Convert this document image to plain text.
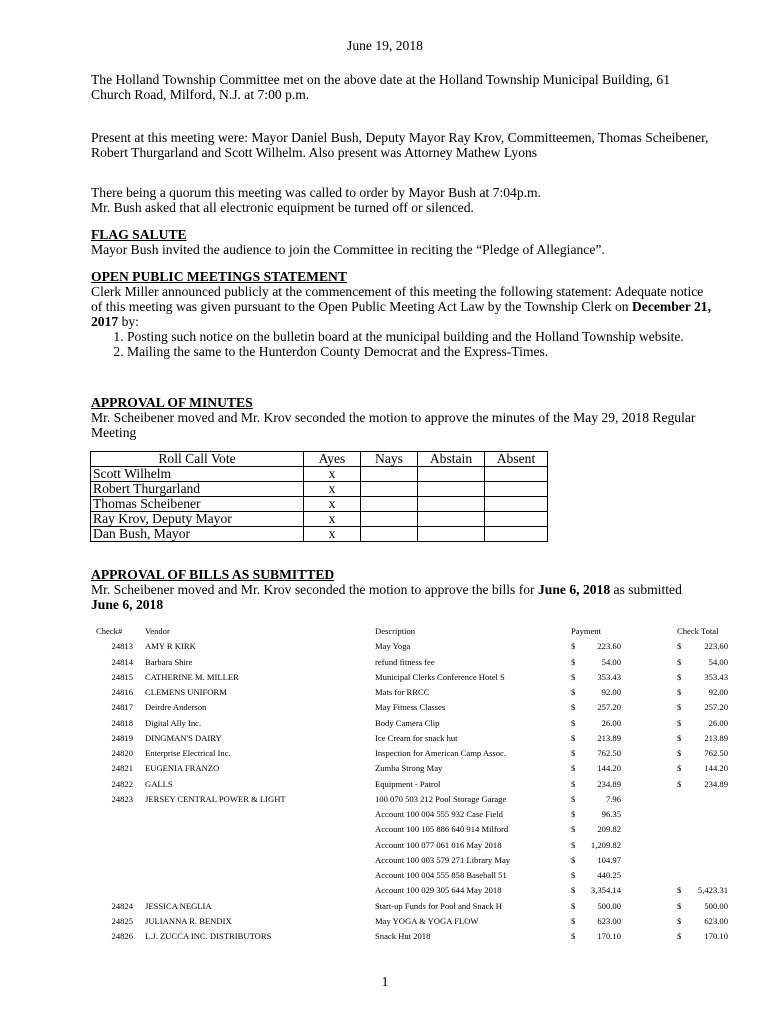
June 19, 2018
The Holland Township Committee met on the above date at the Holland Township Municipal Building, 61 Church Road, Milford, N.J. at 7:00 p.m.
Present at this meeting were: Mayor Daniel Bush, Deputy Mayor Ray Krov, Committeemen, Thomas Scheibener, Robert Thurgarland and Scott Wilhelm. Also present was Attorney Mathew Lyons
There being a quorum this meeting was called to order by Mayor Bush at 7:04p.m.
Mr. Bush asked that all electronic equipment be turned off or silenced.
FLAG SALUTE
Mayor Bush invited the audience to join the Committee in reciting the “Pledge of Allegiance”.
OPEN PUBLIC MEETINGS STATEMENT
Clerk Miller announced publicly at the commencement of this meeting the following statement: Adequate notice of this meeting was given pursuant to the Open Public Meeting Act Law by the Township Clerk on December 21, 2017 by:
1. Posting such notice on the bulletin board at the municipal building and the Holland Township website.
2. Mailing the same to the Hunterdon County Democrat and the Express-Times.
APPROVAL OF MINUTES
Mr. Scheibener moved and Mr. Krov seconded the motion to approve the minutes of the May 29, 2018 Regular Meeting
Roll Call Vote	Ayes	Nays	Abstain	Absent
Scott Wilhelm	x			
Robert Thurgarland	x			
Thomas Scheibener	x			
Ray Krov, Deputy Mayor	x			
Dan Bush, Mayor	x			
APPROVAL OF BILLS AS SUBMITTED
Mr. Scheibener moved and Mr. Krov seconded the motion to approve the bills for June 6, 2018 as submitted
June 6, 2018
Check#	Vendor	Description	Payment	Check Total
24813 AMY R KIRK	May Yoga	$	223.60	$	223.60
24814 Barbara Shire	refund fitness fee	$	54.00	$	54.00
24815 CATHERINE M. MILLER	Municipal Clerks Conference Hotel S	$	353.43	$	353.43
24816 CLEMENS UNIFORM	Mats for RRCC	$	92.00	$	92.00
24817 Deirdre Anderson	May Fitness Classes	$	257.20	$	257.20
24818 Digital Ally Inc.	Body Camera Clip	$	26.00	$	26.00
24819 DINGMAN'S DAIRY	Ice Cream for snack hut	$	213.89	$	213.89
24820 Enterprise Electrical Inc.	Inspection for American Camp Assoc.	$	762.50	$	762.50
24821 EUGENIA FRANZO	Zumba Strong May	$	144.20	$	144.20
24822 GALLS	Equipment - Patrol	$	234.89	$	234.89
24823 JERSEY CENTRAL POWER & LIGHT	100 070 503 212 Pool Storage Garage	$	7.96
Account 100 004 555 932 Case Field	$	96.35
Account 100 105 886 640 914 Milford	$	209.82
Account 100 077 061 016 May 2018	$	1,209.82
Account 100 003 579 271 Library May	$	104.97
Account 100 004 555 858 Baseball 51	$	440.25
Account 100 029 305 644 May 2018	$	3,354.14	$	5,423.31
24824 JESSICA NEGLIA	Start-up Funds for Pool and Snack H	$	500.00	$	500.00
24825 JULIANNA R. BENDIX	May YOGA & YOGA FLOW	$	623.00	$	623.00
24826 L.J. ZUCCA INC. DISTRIBUTORS	Snack Hut 2018	$	170.10	$	170.10
1
